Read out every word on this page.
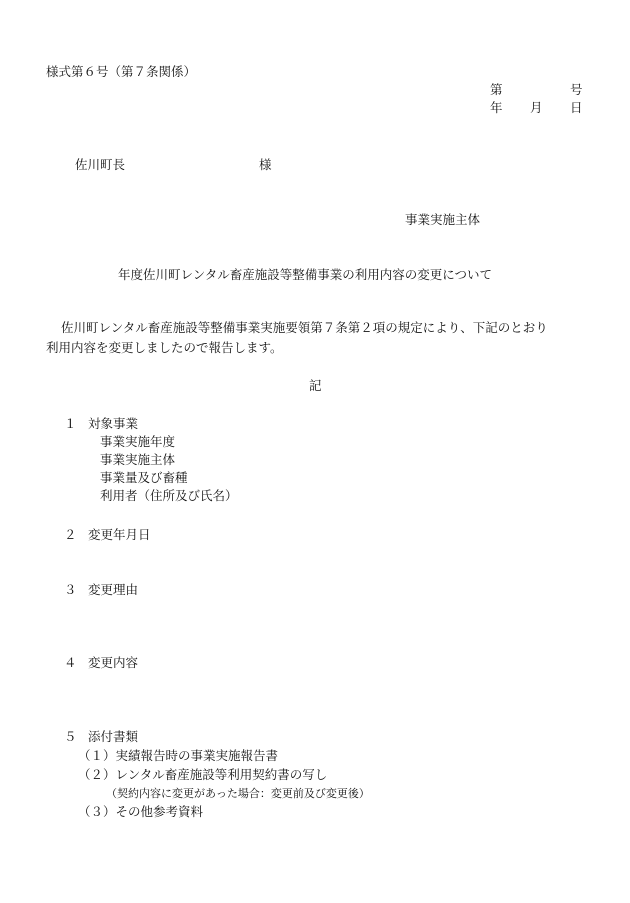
様式第６号（第７条関係）
第	号
年 月 日
佐川町長	様
事業実施主体
年度佐川町レンタル畜産施設等整備事業の利用内容の変更について
佐川町レンタル畜産施設等整備事業実施要領第７条第２項の規定により、下記のとおり
利用内容を変更しましたので報告します。
記
１ 対象事業
事業実施年度
事業実施主体
事業量及び畜種
利用者（住所及び氏名）
２ 変更年月日
３ 変更理由
４ 変更内容
５ 添付書類
（１）実績報告時の事業実施報告書
（２）レンタル畜産施設等利用契約書の写し
（契約内容に変更があった場合：変更前及び変更後）
（３）その他参考資料
